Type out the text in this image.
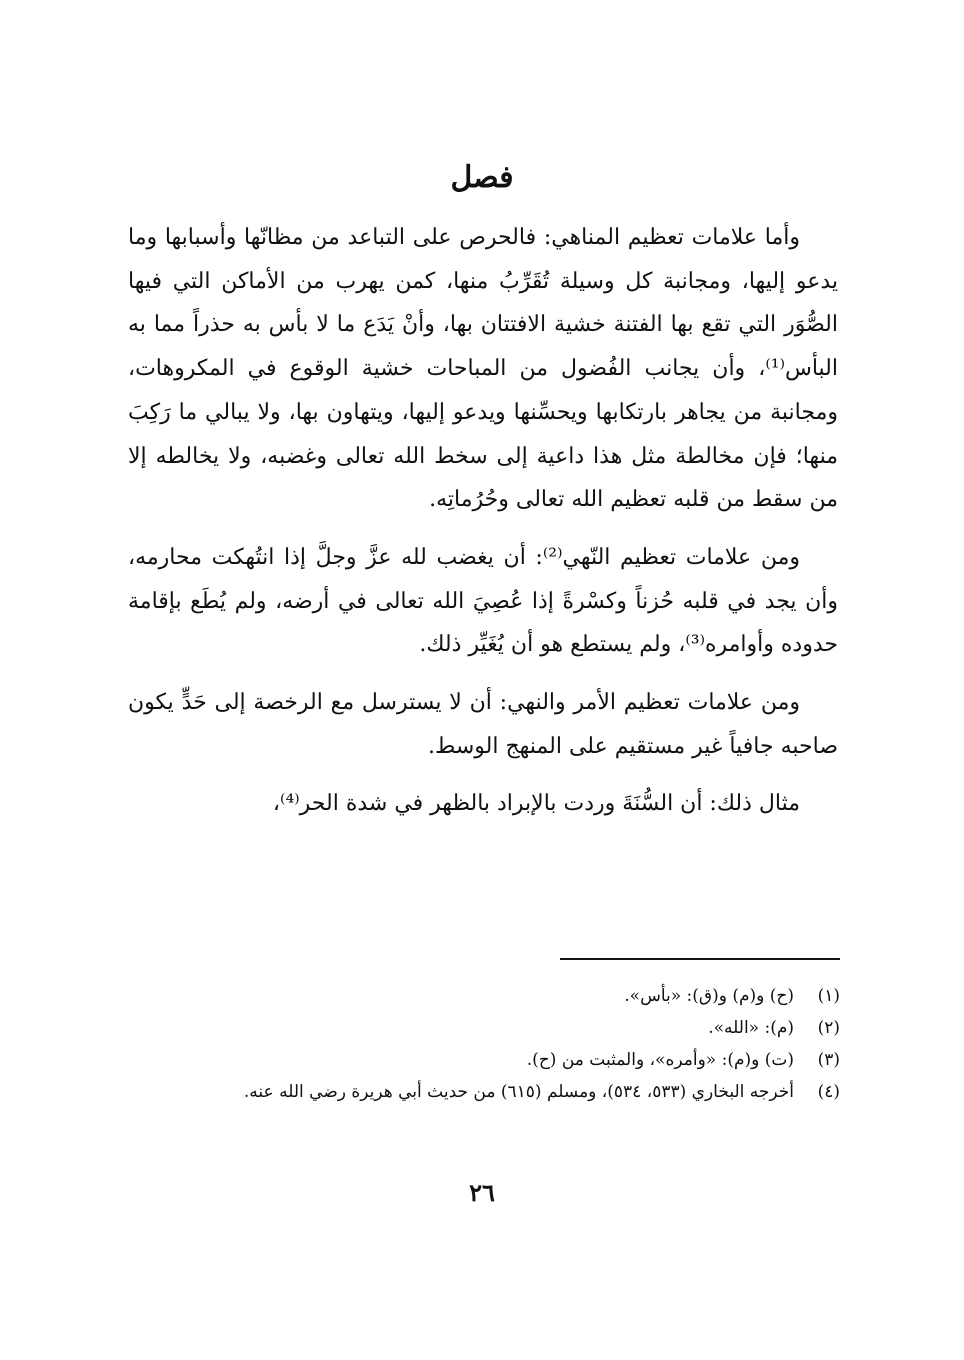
فصل

وأما علامات تعظيم المناهي: فالحرص على التباعد من مظانّها وأسبابها وما يدعو إليها، ومجانبة كل وسيلة تُقَرِّبُ منها، كمن يهرب من الأماكن التي فيها الصُّوَر التي تقع بها الفتنة خشية الافتتان بها، وأنْ يَدَع ما لا بأس به حذراً مما به البأس⁽¹⁾، وأن يجانب الفُضول من المباحات خشية الوقوع في المكروهات، ومجانبة من يجاهر بارتكابها ويحسِّنها ويدعو إليها، ويتهاون بها، ولا يبالي ما رَكِبَ منها؛ فإن مخالطة مثل هذا داعية إلى سخط الله تعالى وغضبه، ولا يخالطه إلا من سقط من قلبه تعظيم الله تعالى وحُرُماتِه.

ومن علامات تعظيم النّهي⁽²⁾: أن يغضب لله عزَّ وجلَّ إذا انتُهكت محارمه، وأن يجد في قلبه حُزناً وكسْرةً إذا عُصِيَ الله تعالى في أرضه، ولم يُطَع بإقامة حدوده وأوامره⁽³⁾، ولم يستطع هو أن يُغَيِّر ذلك.

ومن علامات تعظيم الأمر والنهي: أن لا يسترسل مع الرخصة إلى حَدٍّ يكون صاحبه جافياً غير مستقيم على المنهج الوسط.

مثال ذلك: أن السُّنَةَ وردت بالإبراد بالظهر في شدة الحر⁽⁴⁾،

(١)
(ح) و(م) و(ق): «بأس».
(٢)
(م): «الله».
(٣)
(ت) و(م): «وأمره»، والمثبت من (ح).
(٤)
أخرجه البخاري (٥٣٣، ٥٣٤)، ومسلم (٦١٥) من حديث أبي هريرة رضي الله عنه.
٢٦
